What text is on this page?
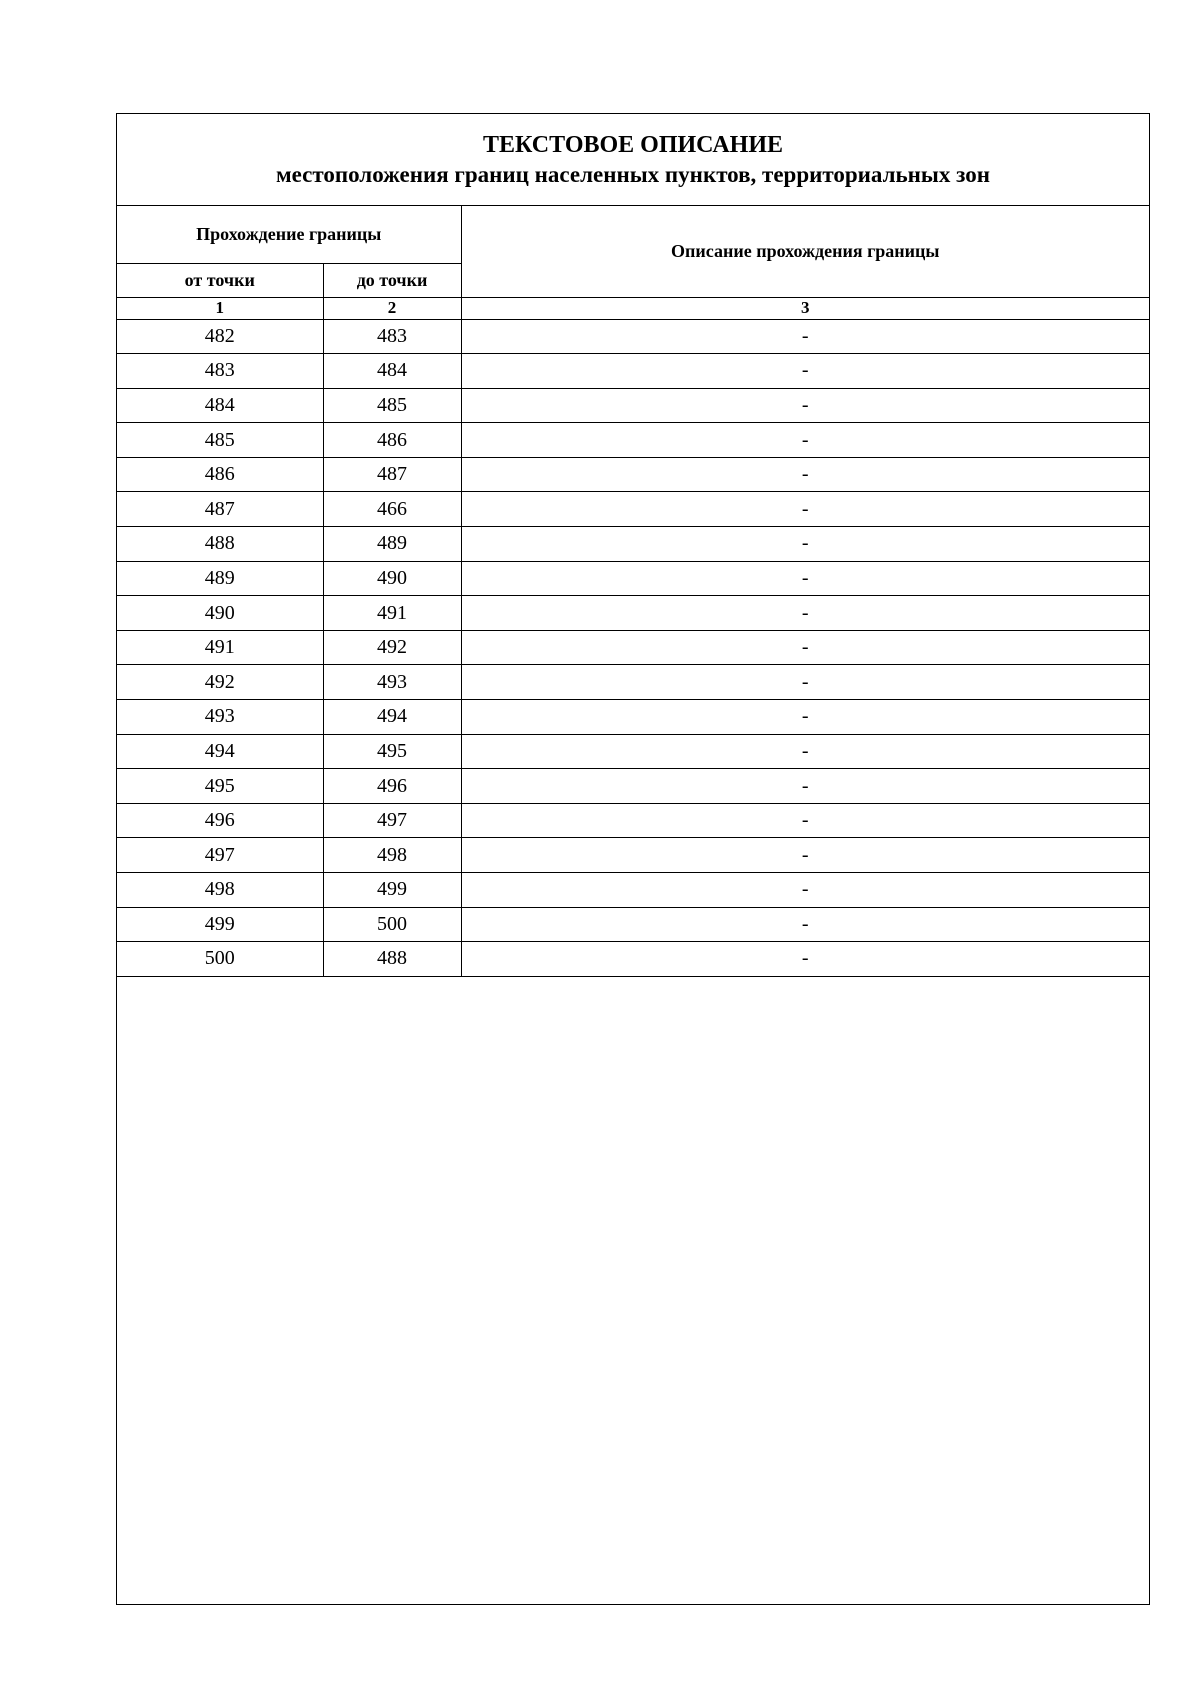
ТЕКСТОВОЕ ОПИСАНИЕ
местоположения границ населенных пунктов, территориальных зон
Прохождение границы		Описание прохождения границы
от точки	до точки	
1	2	3
482	483	-
483	484	-
484	485	-
485	486	-
486	487	-
487	466	-
488	489	-
489	490	-
490	491	-
491	492	-
492	493	-
493	494	-
494	495	-
495	496	-
496	497	-
497	498	-
498	499	-
499	500	-
500	488	-
